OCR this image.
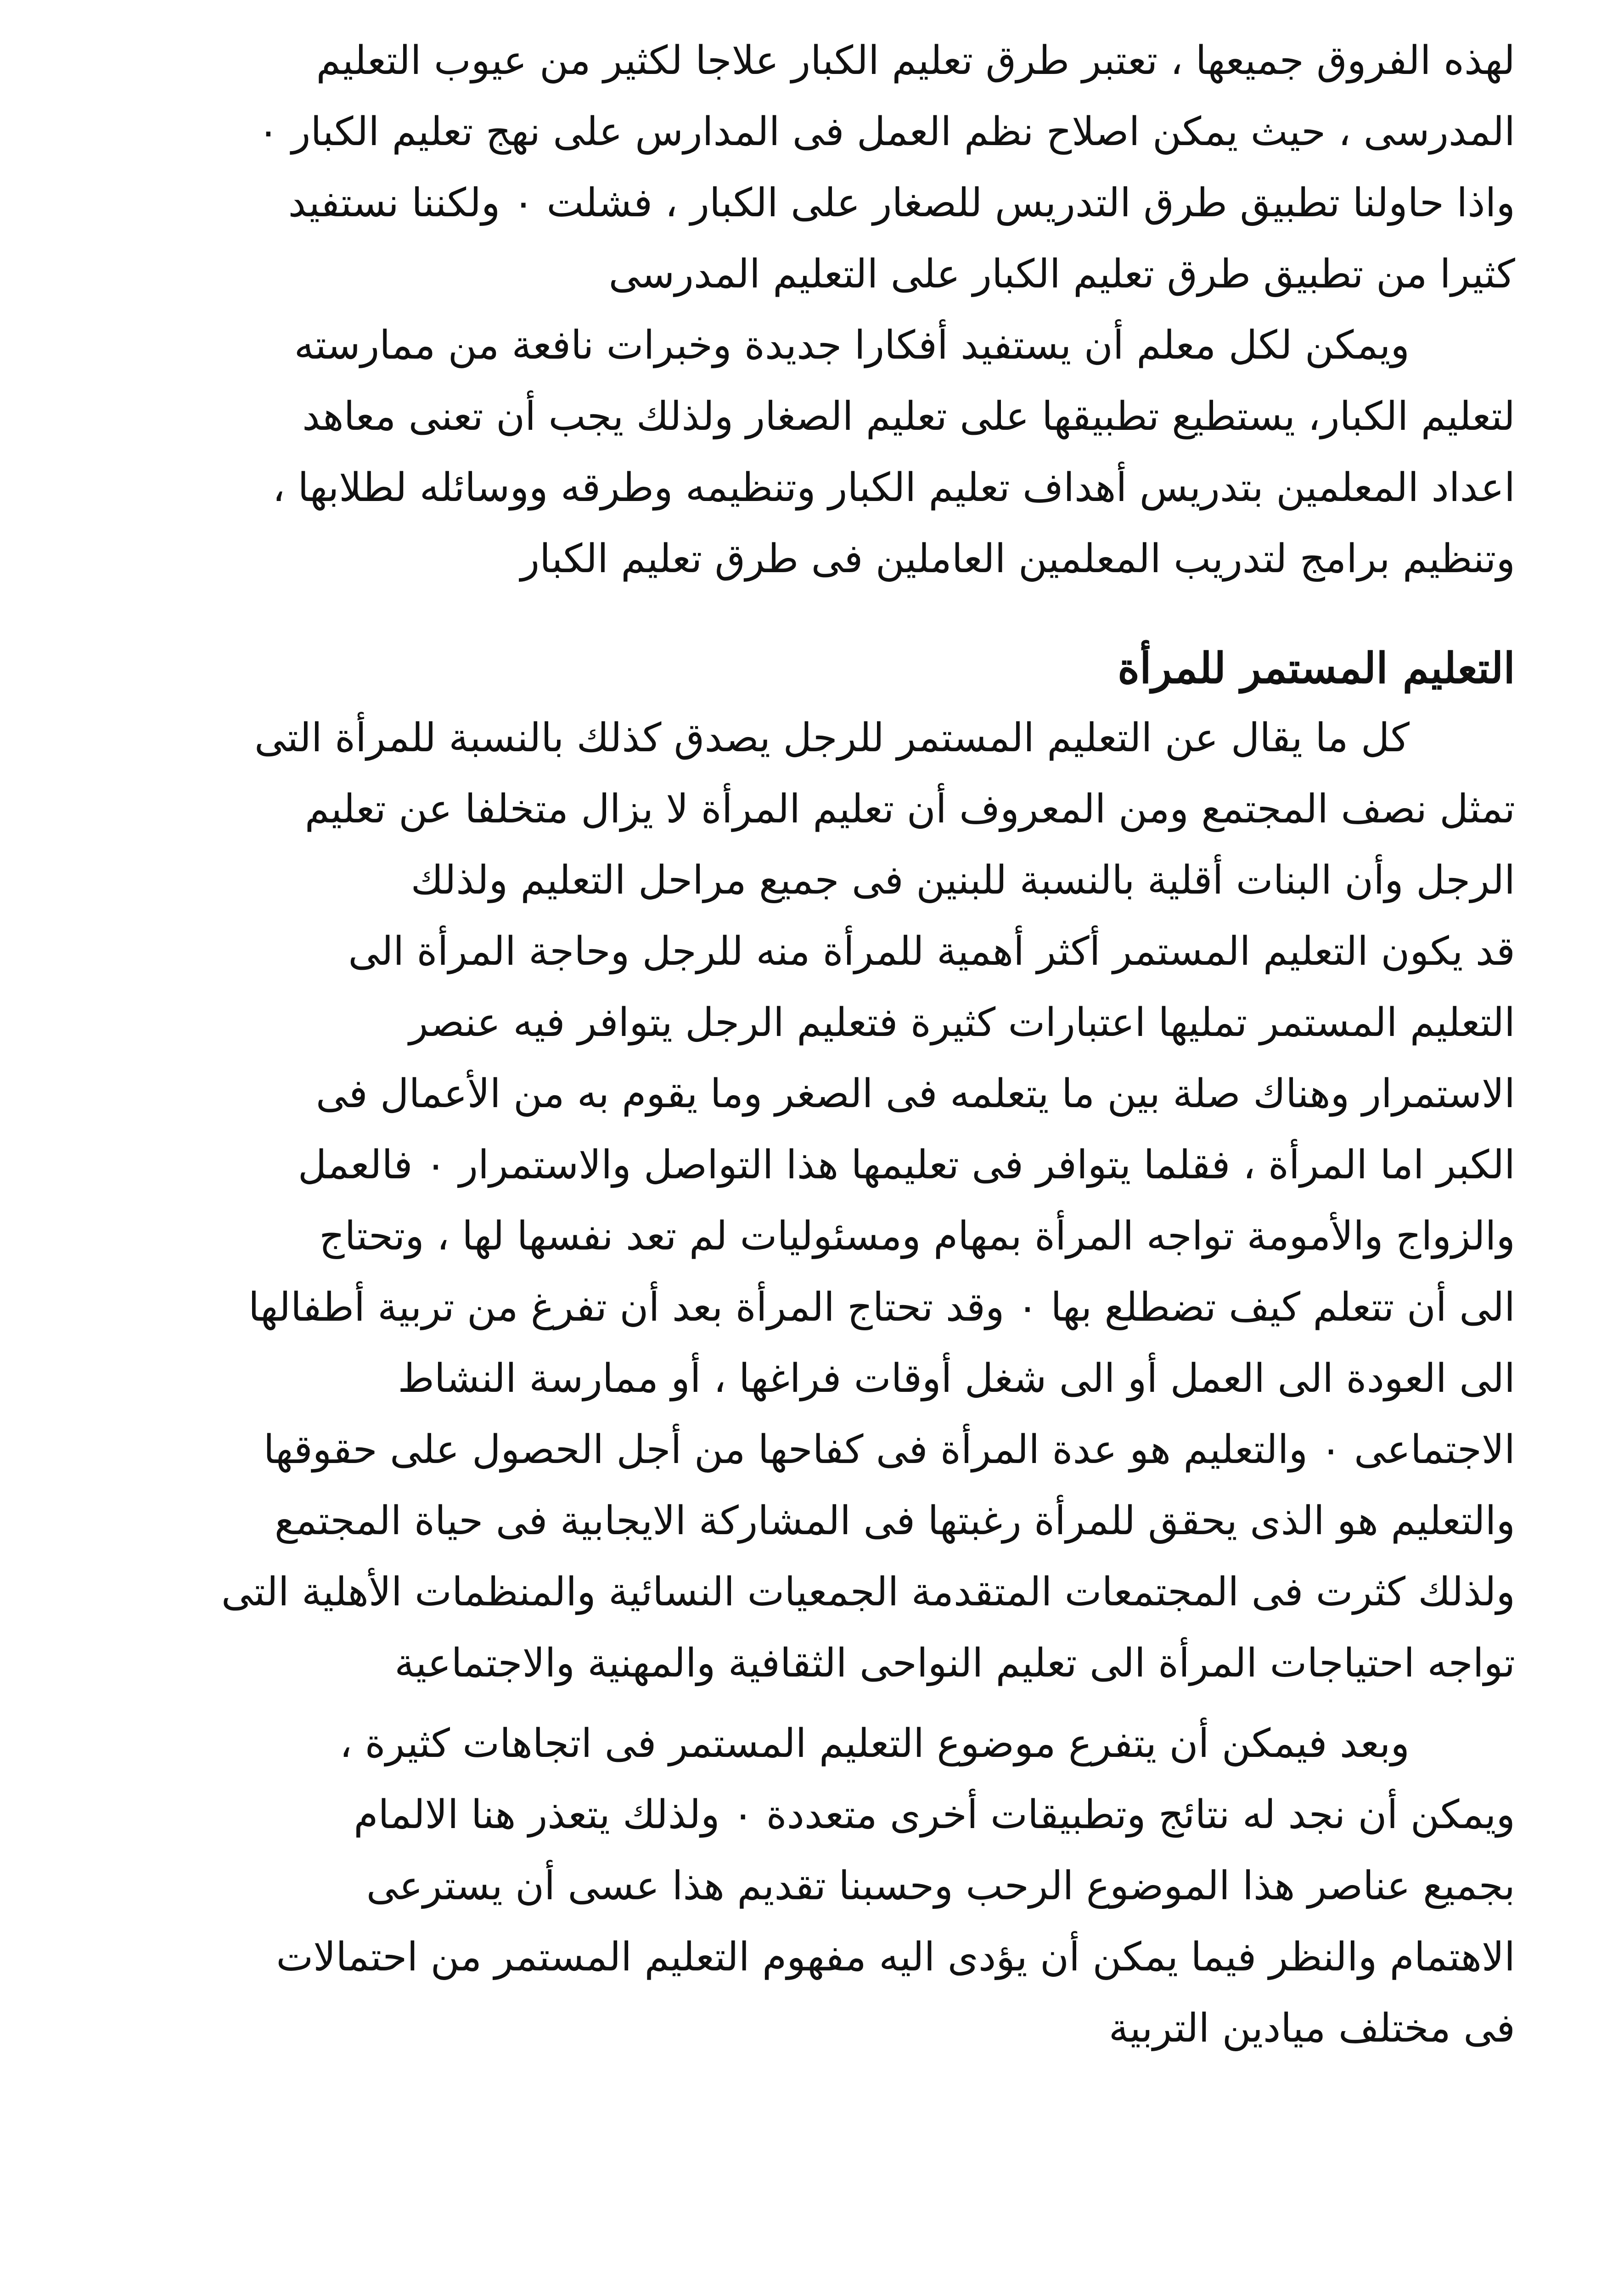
لهذه الفروق جميعها ، تعتبر طرق تعليم الكبار علاجا لكثير من عيوب التعليم

المدرسى ، حيث يمكن اصلاح نظم العمل فى المدارس على نهج تعليم الكبار ٠

واذا حاولنا تطبيق طرق التدريس للصغار على الكبار ، فشلت ٠ ولكننا نستفيد

كثيرا من تطبيق طرق تعليم الكبار على التعليم المدرسى

ويمكن لكل معلم أن يستفيد أفكارا جديدة وخبرات نافعة من ممارسته

لتعليم الكبار، يستطيع تطبيقها على تعليم الصغار ولذلك يجب أن تعنى معاهد

اعداد المعلمين بتدريس أهداف تعليم الكبار وتنظيمه وطرقه ووسائله لطلابها ،

وتنظيم برامج لتدريب المعلمين العاملين فى طرق تعليم الكبار

التعليم المستمر للمرأة

كل ما يقال عن التعليم المستمر للرجل يصدق كذلك بالنسبة للمرأة التى

تمثل نصف المجتمع ومن المعروف أن تعليم المرأة لا يزال متخلفا عن تعليم

الرجل وأن البنات أقلية بالنسبة للبنين فى جميع مراحل التعليم ولذلك

قد يكون التعليم المستمر أكثر أهمية للمرأة منه للرجل وحاجة المرأة الى

التعليم المستمر تمليها اعتبارات كثيرة فتعليم الرجل يتوافر فيه عنصر

الاستمرار وهناك صلة بين ما يتعلمه فى الصغر وما يقوم به من الأعمال فى

الكبر اما المرأة ، فقلما يتوافر فى تعليمها هذا التواصل والاستمرار ٠ فالعمل

والزواج والأمومة تواجه المرأة بمهام ومسئوليات لم تعد نفسها لها ، وتحتاج

الى أن تتعلم كيف تضطلع بها ٠ وقد تحتاج المرأة بعد أن تفرغ من تربية أطفالها

الى العودة الى العمل أو الى شغل أوقات فراغها ، أو ممارسة النشاط

الاجتماعى ٠ والتعليم هو عدة المرأة فى كفاحها من أجل الحصول على حقوقها

والتعليم هو الذى يحقق للمرأة رغبتها فى المشاركة الايجابية فى حياة المجتمع

ولذلك كثرت فى المجتمعات المتقدمة الجمعيات النسائية والمنظمات الأهلية التى

تواجه احتياجات المرأة الى تعليم النواحى الثقافية والمهنية والاجتماعية

وبعد فيمكن أن يتفرع موضوع التعليم المستمر فى اتجاهات كثيرة ،

ويمكن أن نجد له نتائج وتطبيقات أخرى متعددة ٠ ولذلك يتعذر هنا الالمام

بجميع عناصر هذا الموضوع الرحب وحسبنا تقديم هذا عسى أن يسترعى

الاهتمام والنظر فيما يمكن أن يؤدى اليه مفهوم التعليم المستمر من احتمالات

فى مختلف ميادين التربية
